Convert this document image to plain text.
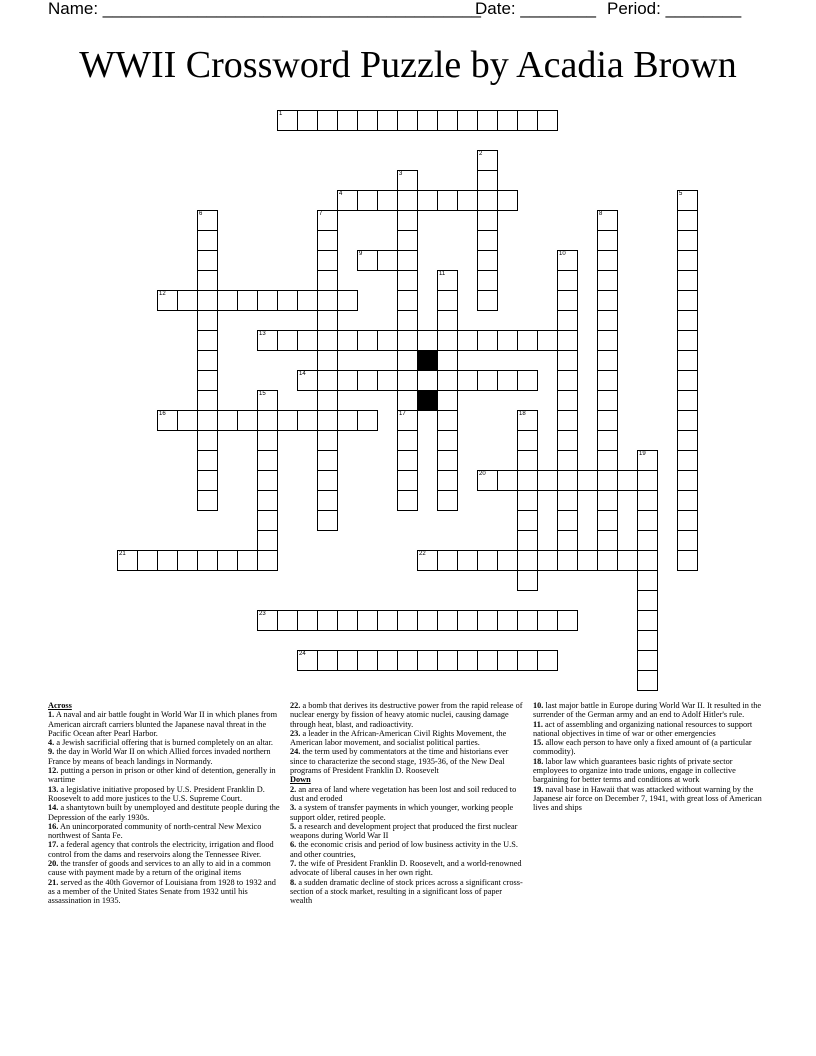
Name: ________________________________________
Date: ________ Period: ________
WWII Crossword Puzzle by Acadia Brown
1
4
9
12
13
14
16
20
21	22
23
24
2
3
17
5
6	7	8
10
11
15
18
19

Across

1. A naval and air battle fought in World War II in which planes from American aircraft carriers blunted the Japanese naval threat in the Pacific Ocean after Pearl Harbor.

4. a Jewish sacrificial offering that is burned completely on an altar.

9. the day in World War II on which Allied forces invaded northern France by means of beach landings in Normandy.

12. putting a person in prison or other kind of detention, generally in wartime

13. a legislative initiative proposed by U.S. President Franklin D. Roosevelt to add more justices to the U.S. Supreme Court.

14. a shantytown built by unemployed and destitute people during the Depression of the early 1930s.

16. An unincorporated community of north-central New Mexico northwest of Santa Fe.

17. a federal agency that controls the electricity, irrigation and flood control from the dams and reservoirs along the Tennessee River.

20. the transfer of goods and services to an ally to aid in a common cause with payment made by a return of the original items

21. served as the 40th Governor of Louisiana from 1928 to 1932 and as a member of the United States Senate from 1932 until his assassination in 1935.

22. a bomb that derives its destructive power from the rapid release of nuclear energy by fission of heavy atomic nuclei, causing damage through heat, blast, and radioactivity.

23. a leader in the African-American Civil Rights Movement, the American labor movement, and socialist political parties.

24. the term used by commentators at the time and historians ever since to characterize the second stage, 1935-36, of the New Deal programs of President Franklin D. Roosevelt

Down

2. an area of land where vegetation has been lost and soil reduced to dust and eroded

3. a system of transfer payments in which younger, working people support older, retired people.

5. a research and development project that produced the first nuclear weapons during World War II

6. the economic crisis and period of low business activity in the U.S. and other countries,

7. the wife of President Franklin D. Roosevelt, and a world-renowned advocate of liberal causes in her own right.

8. a sudden dramatic decline of stock prices across a significant cross-section of a stock market, resulting in a significant loss of paper wealth

10. last major battle in Europe during World War II. It resulted in the surrender of the German army and an end to Adolf Hitler's rule.

11. act of assembling and organizing national resources to support national objectives in time of war or other emergencies

15. allow each person to have only a fixed amount of (a particular commodity).

18. labor law which guarantees basic rights of private sector employees to organize into trade unions, engage in collective bargaining for better terms and conditions at work

19. naval base in Hawaii that was attacked without warning by the Japanese air force on December 7, 1941, with great loss of American lives and ships
